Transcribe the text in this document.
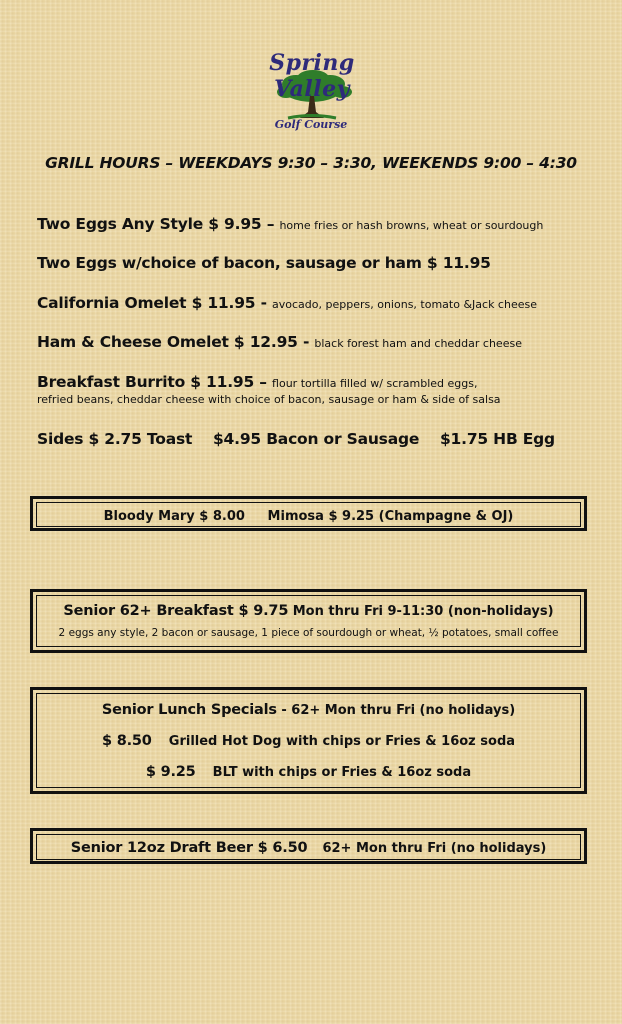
Spring Valley
Golf Course
GRILL HOURS – WEEKDAYS 9:30 – 3:30, WEEKENDS 9:00 – 4:30
Two Eggs Any Style $ 9.95 – home fries or hash browns, wheat or sourdough
Two Eggs w/choice of bacon, sausage or ham $ 11.95
California Omelet $ 11.95 - avocado, peppers, onions, tomato &Jack cheese
Ham & Cheese Omelet $ 12.95 - black forest ham and cheddar cheese
Breakfast Burrito $ 11.95 – flour tortilla filled w/ scrambled eggs,
refried beans, cheddar cheese with choice of bacon, sausage or ham & side of salsa
Sides $ 2.75 Toast    $4.95 Bacon or Sausage    $1.75 HB Egg
Bloody Mary $ 8.00     Mimosa $ 9.25 (Champagne & OJ)
Senior 62+ Breakfast $ 9.75 Mon thru Fri 9-11:30 (non-holidays)
2 eggs any style, 2 bacon or sausage, 1 piece of sourdough or wheat, ½ potatoes, small coffee
Senior Lunch Specials - 62+ Mon thru Fri (no holidays)
$ 8.50 Grilled Hot Dog with chips or Fries & 16oz soda
$ 9.25 BLT with chips or Fries & 16oz soda
Senior 12oz Draft Beer $ 6.50 62+ Mon thru Fri (no holidays)
